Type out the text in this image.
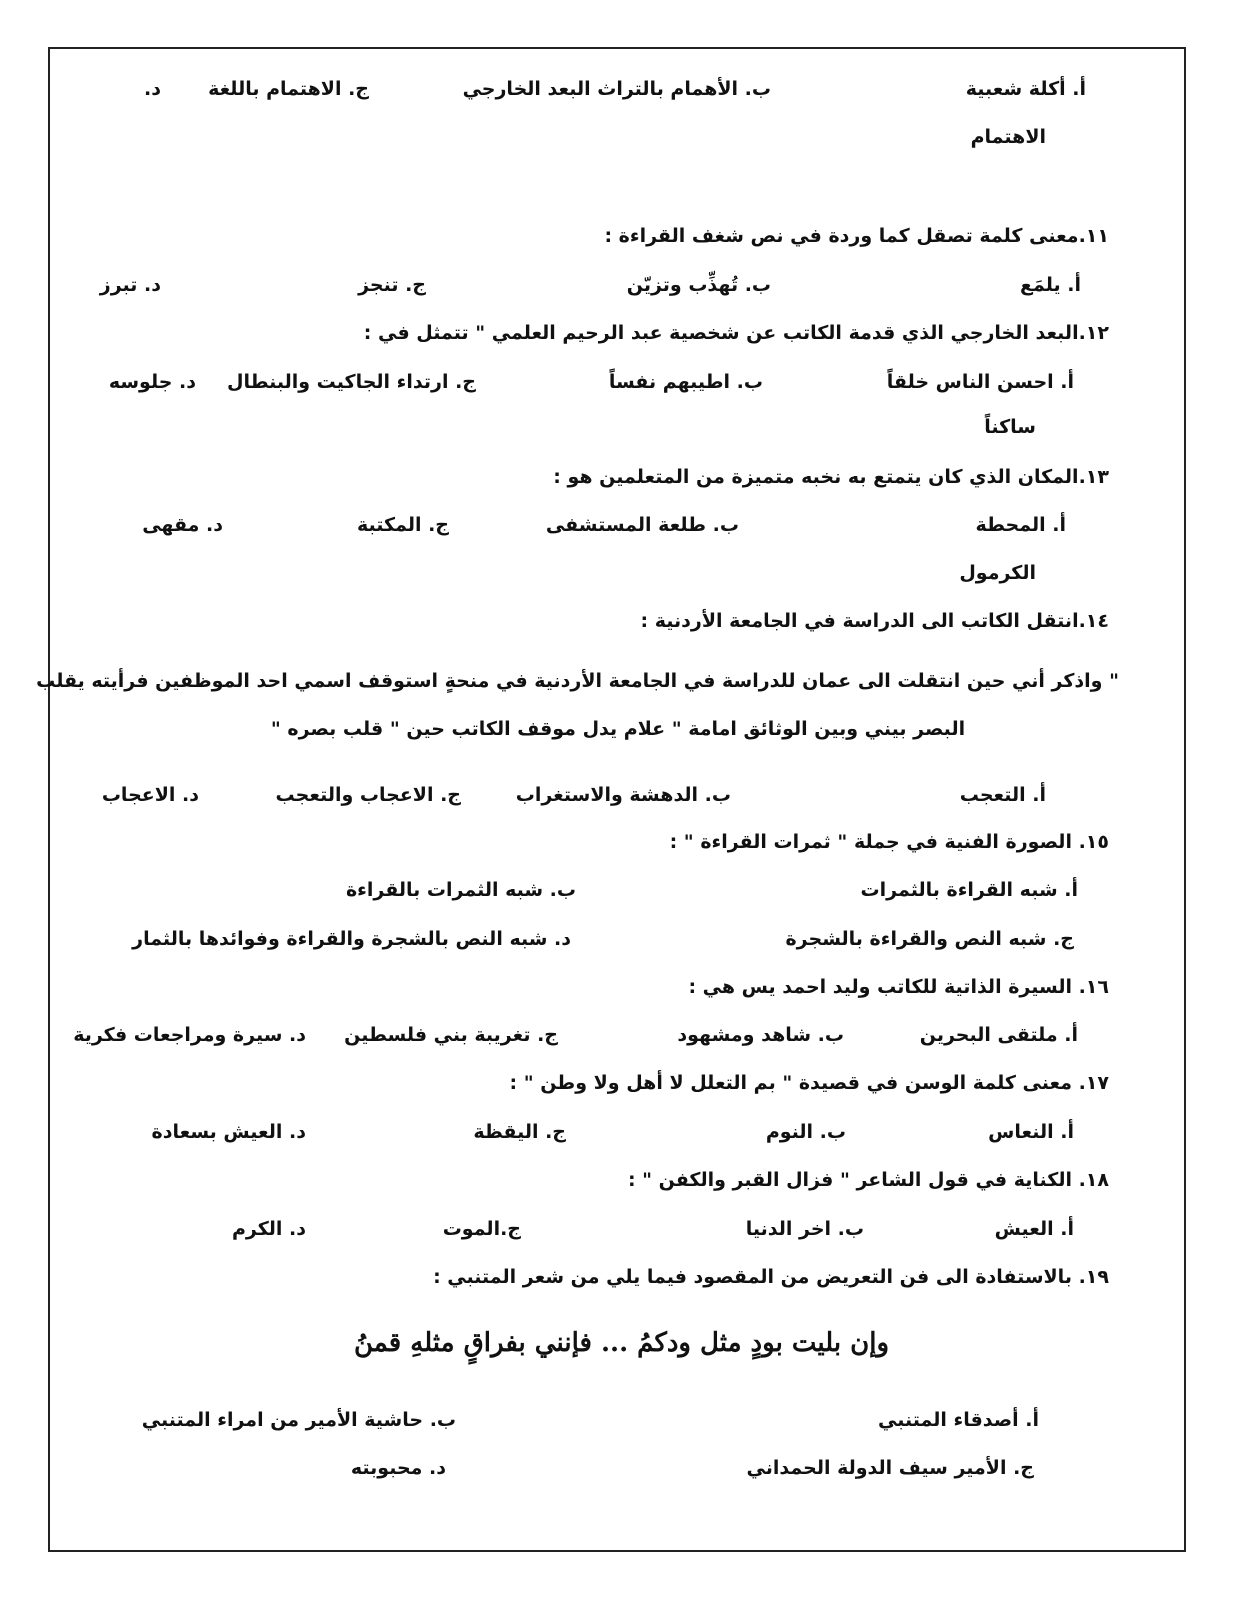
أ. أكلة شعبية
ب. الأهمام بالتراث البعد الخارجي
ج. الاهتمام باللغة
د.
الاهتمام
١١.معنى كلمة تصقل كما وردة في نص شغف القراءة :
أ. يلمَع
ب. تُهذِّب وتزيّن
ج. تنجز
د. تبرز
١٢.البعد الخارجي الذي قدمة الكاتب عن شخصية عبد الرحيم العلمي " تتمثل في :
أ. احسن الناس خلقاً
ب. اطيبهم نفساً
ج. ارتداء الجاكيت والبنطال
د. جلوسه
ساكناً
١٣.المكان الذي كان يتمتع به نخبه متميزة من المتعلمين هو :
أ. المحطة
ب. طلعة المستشفى
ج. المكتبة
د. مقهى
الكرمول
١٤.انتقل الكاتب الى الدراسة في الجامعة الأردنية :
" واذكر أني حين انتقلت الى عمان للدراسة في الجامعة الأردنية في منحةٍ استوقف اسمي احد الموظفين فرأيته يقلب
البصر بيني وبين الوثائق امامة " علام يدل موقف الكاتب حين " قلب بصره "
أ. التعجب
ب. الدهشة والاستغراب
ج. الاعجاب والتعجب
د. الاعجاب
١٥. الصورة الفنية في جملة " ثمرات القراءة " :
أ. شبه القراءة بالثمرات
ب. شبه الثمرات بالقراءة
ج. شبه النص والقراءة بالشجرة
د. شبه النص بالشجرة والقراءة وفوائدها بالثمار
١٦. السيرة الذاتية للكاتب وليد احمد يس هي :
أ. ملتقى البحرين
ب. شاهد ومشهود
ج. تغريبة بني فلسطين
د. سيرة ومراجعات فكرية
١٧. معنى كلمة الوسن في قصيدة " بم التعلل لا أهل ولا وطن " :
أ. النعاس
ب. النوم
ج. اليقظة
د. العيش بسعادة
١٨. الكناية في قول الشاعر " فزال القبر والكفن " :
أ. العيش
ب. اخر الدنيا
ج.الموت
د. الكرم
١٩. بالاستفادة الى فن التعريض من المقصود فيما يلي من شعر المتنبي :
وإن بليت بودٍ مثل ودكمُ ... فإنني بفراقٍ مثلهِ قمنُ
أ. أصدقاء المتنبي
ب. حاشية الأمير من امراء المتنبي
ج. الأمير سيف الدولة الحمداني
د. محبوبته
